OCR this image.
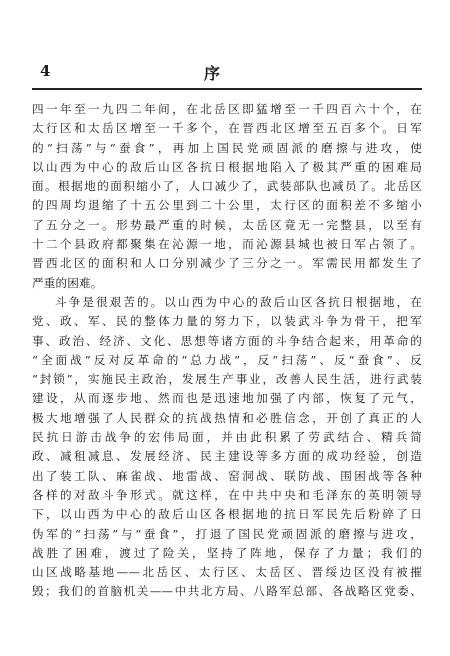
4	序
四一年至一九四二年间，在北岳区即猛增至一千四百六十个，在
太行区和太岳区增至一千多个，在晋西北区增至五百多个。日军
的“扫荡”与“蚕食”，再加上国民党顽固派的磨擦与进攻，使
以山西为中心的敌后山区各抗日根据地陷入了极其严重的困难局
面。根据地的面积缩小了，人口减少了，武装部队也减员了。北岳区
的四周均退缩了十五公里到二十公里，太行区的面积差不多缩小
了五分之一。形势最严重的时候，太岳区竟无一完整县，以至有
十二个县政府都聚集在沁源一地，而沁源县城也被日军占领了。
晋西北区的面积和人口分别减少了三分之一。军需民用都发生了
严重的困难。
斗争是很艰苦的。以山西为中心的敌后山区各抗日根据地，在
党、政、军、民的整体力量的努力下，以装武斗争为骨干，把军
事、政治、经济、文化、思想等诸方面的斗争结合起来，用革命的
“全面战”反对反革命的“总力战”，反“扫荡”、反“蚕食”、反
“封锁”，实施民主政治，发展生产事业，改善人民生活，进行武装
建设，从而逐步地、然而也是迅速地加强了内部，恢复了元气，
极大地增强了人民群众的抗战热情和必胜信念，开创了真正的人
民抗日游击战争的宏伟局面，并由此积累了劳武结合、精兵简
政、减租减息、发展经济、民主建设等多方面的成功经验，创造
出了装工队、麻雀战、地雷战、窑洞战、联防战、围困战等各种
各样的对敌斗争形式。就这样，在中共中央和毛泽东的英明领导
下，以山西为中心的敌后山区各根据地的抗日军民先后粉碎了日
伪军的“扫荡”与“蚕食”，打退了国民党顽固派的磨擦与进攻，
战胜了困难，渡过了险关，坚持了阵地，保存了力量；我们的
山区战略基地——北岳区、太行区、太岳区、晋绥边区没有被摧
毁；我们的首脑机关——中共北方局、八路军总部、各战略区党委、
